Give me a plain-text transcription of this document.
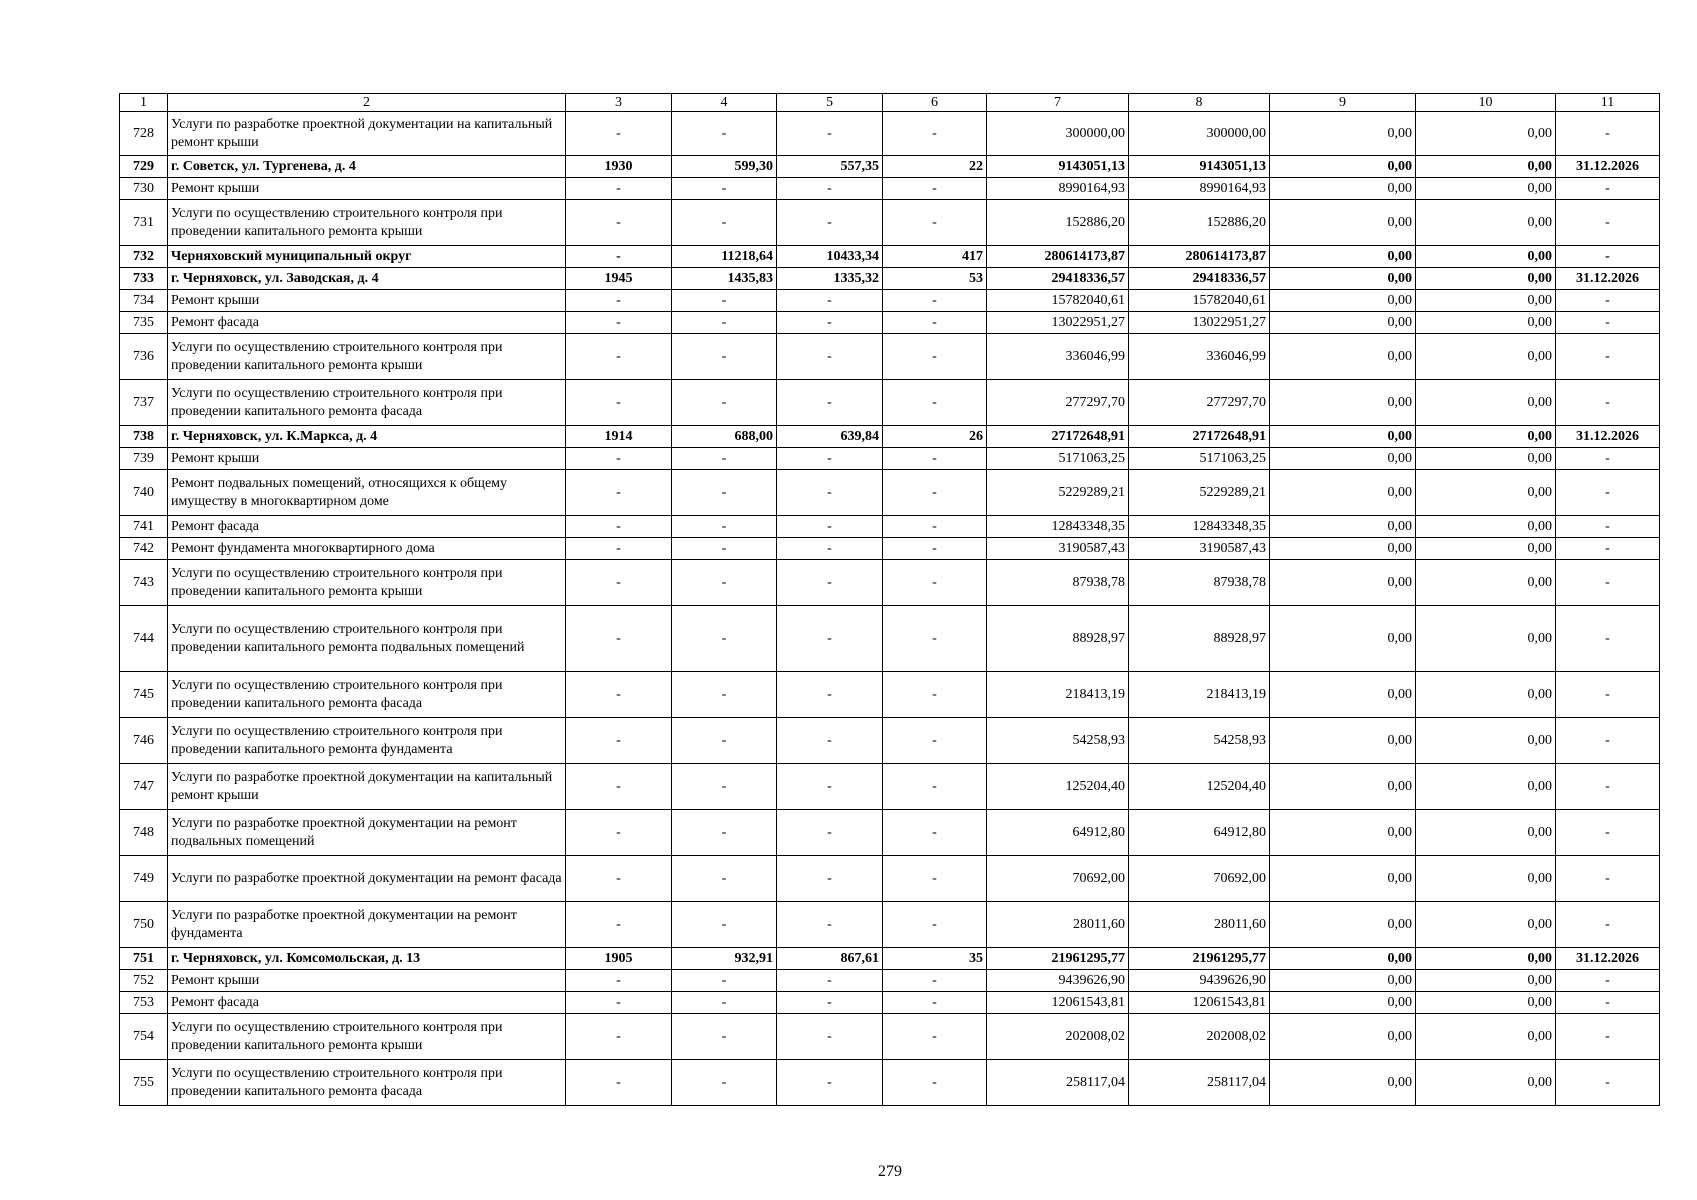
1	2	3	4	5	6	7	8	9	10	11
728	Услуги по разработке проектной документации на капитальный ремонт крыши	-	-	-	-	300000,00	300000,00	0,00	0,00	-
729	г. Советск, ул. Тургенева, д. 4	1930	599,30	557,35	22	9143051,13	9143051,13	0,00	0,00	31.12.2026
730	Ремонт крыши	-	-	-	-	8990164,93	8990164,93	0,00	0,00	-
731	Услуги по осуществлению строительного контроля при проведении капитального ремонта крыши	-	-	-	-	152886,20	152886,20	0,00	0,00	-
732	Черняховский муниципальный округ	-	11218,64	10433,34	417	280614173,87	280614173,87	0,00	0,00	-
733	г. Черняховск, ул. Заводская, д. 4	1945	1435,83	1335,32	53	29418336,57	29418336,57	0,00	0,00	31.12.2026
734	Ремонт крыши	-	-	-	-	15782040,61	15782040,61	0,00	0,00	-
735	Ремонт фасада	-	-	-	-	13022951,27	13022951,27	0,00	0,00	-
736	Услуги по осуществлению строительного контроля при проведении капитального ремонта крыши	-	-	-	-	336046,99	336046,99	0,00	0,00	-
737	Услуги по осуществлению строительного контроля при проведении капитального ремонта фасада	-	-	-	-	277297,70	277297,70	0,00	0,00	-
738	г. Черняховск, ул. К.Маркса, д. 4	1914	688,00	639,84	26	27172648,91	27172648,91	0,00	0,00	31.12.2026
739	Ремонт крыши	-	-	-	-	5171063,25	5171063,25	0,00	0,00	-
740	Ремонт подвальных помещений, относящихся к общему имуществу в многоквартирном доме	-	-	-	-	5229289,21	5229289,21	0,00	0,00	-
741	Ремонт фасада	-	-	-	-	12843348,35	12843348,35	0,00	0,00	-
742	Ремонт фундамента многоквартирного дома	-	-	-	-	3190587,43	3190587,43	0,00	0,00	-
743	Услуги по осуществлению строительного контроля при проведении капитального ремонта крыши	-	-	-	-	87938,78	87938,78	0,00	0,00	-
744	Услуги по осуществлению строительного контроля при проведении капитального ремонта подвальных помещений	-	-	-	-	88928,97	88928,97	0,00	0,00	-
745	Услуги по осуществлению строительного контроля при проведении капитального ремонта фасада	-	-	-	-	218413,19	218413,19	0,00	0,00	-
746	Услуги по осуществлению строительного контроля при проведении капитального ремонта фундамента	-	-	-	-	54258,93	54258,93	0,00	0,00	-
747	Услуги по разработке проектной документации на капитальный ремонт крыши	-	-	-	-	125204,40	125204,40	0,00	0,00	-
748	Услуги по разработке проектной документации на ремонт подвальных помещений	-	-	-	-	64912,80	64912,80	0,00	0,00	-
749	Услуги по разработке проектной документации на ремонт фасада	-	-	-	-	70692,00	70692,00	0,00	0,00	-
750	Услуги по разработке проектной документации на ремонт фундамента	-	-	-	-	28011,60	28011,60	0,00	0,00	-
751	г. Черняховск, ул. Комсомольская, д. 13	1905	932,91	867,61	35	21961295,77	21961295,77	0,00	0,00	31.12.2026
752	Ремонт крыши	-	-	-	-	9439626,90	9439626,90	0,00	0,00	-
753	Ремонт фасада	-	-	-	-	12061543,81	12061543,81	0,00	0,00	-
754	Услуги по осуществлению строительного контроля при проведении капитального ремонта крыши	-	-	-	-	202008,02	202008,02	0,00	0,00	-
755	Услуги по осуществлению строительного контроля при проведении капитального ремонта фасада	-	-	-	-	258117,04	258117,04	0,00	0,00	-
279
